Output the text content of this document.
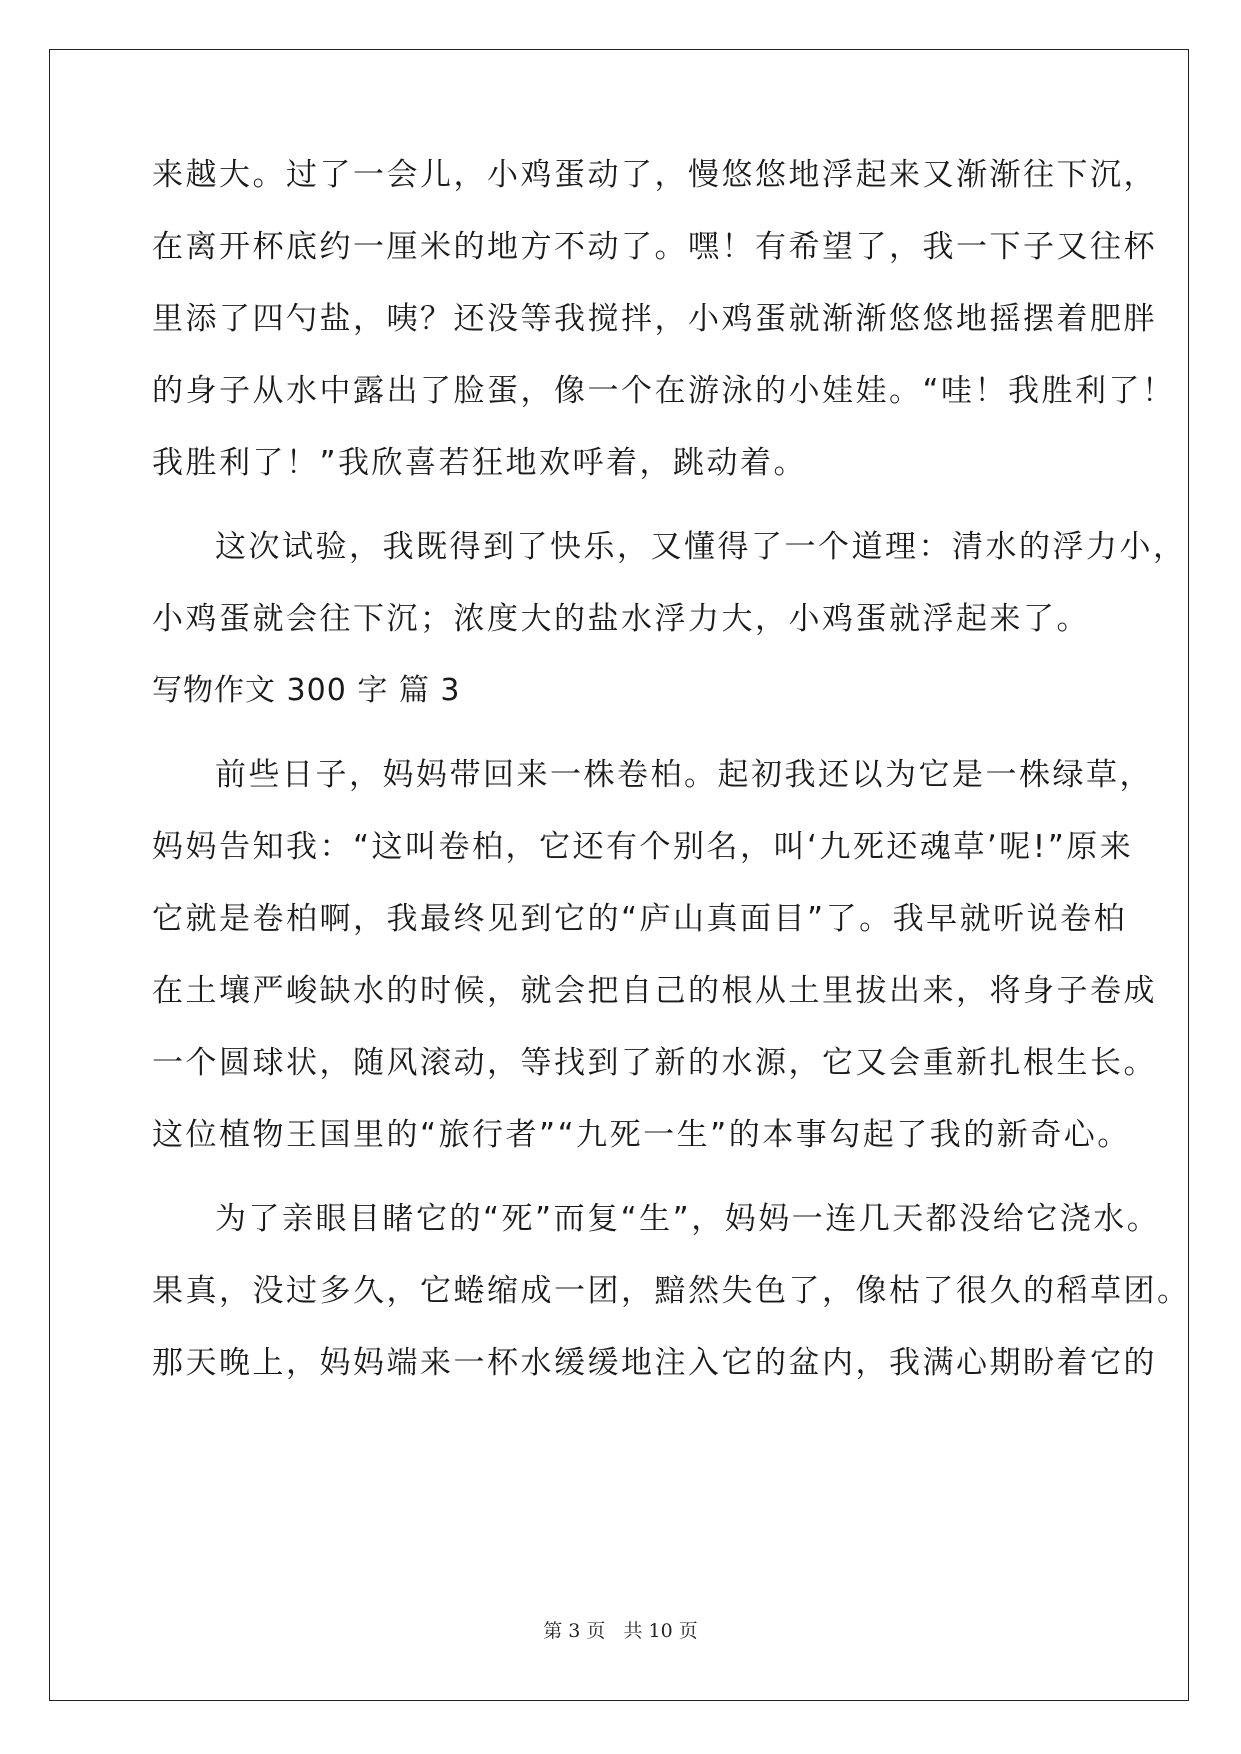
来越大。过了一会儿，小鸡蛋动了，慢悠悠地浮起来又渐渐往下沉，
在离开杯底约一厘米的地方不动了。嘿！有希望了，我一下子又往杯
里添了四勺盐，咦？还没等我搅拌，小鸡蛋就渐渐悠悠地摇摆着肥胖
的身子从水中露出了脸蛋，像一个在游泳的小娃娃。“哇！我胜利了！
我胜利了！”我欣喜若狂地欢呼着，跳动着。
这次试验，我既得到了快乐，又懂得了一个道理：清水的浮力小，
小鸡蛋就会往下沉；浓度大的盐水浮力大，小鸡蛋就浮起来了。
写物作文 300 字 篇 3
前些日子，妈妈带回来一株卷柏。起初我还以为它是一株绿草，
妈妈告知我：“这叫卷柏，它还有个别名，叫‘九死还魂草’呢!”原来
它就是卷柏啊，我最终见到它的“庐山真面目”了。我早就听说卷柏
在土壤严峻缺水的时候，就会把自己的根从土里拔出来，将身子卷成
一个圆球状，随风滚动，等找到了新的水源，它又会重新扎根生长。
这位植物王国里的“旅行者”“九死一生”的本事勾起了我的新奇心。
为了亲眼目睹它的“死”而复“生”，妈妈一连几天都没给它浇水。
果真，没过多久，它蜷缩成一团，黯然失色了，像枯了很久的稻草团。
那天晚上，妈妈端来一杯水缓缓地注入它的盆内，我满心期盼着它的
第 3 页 共 10 页
